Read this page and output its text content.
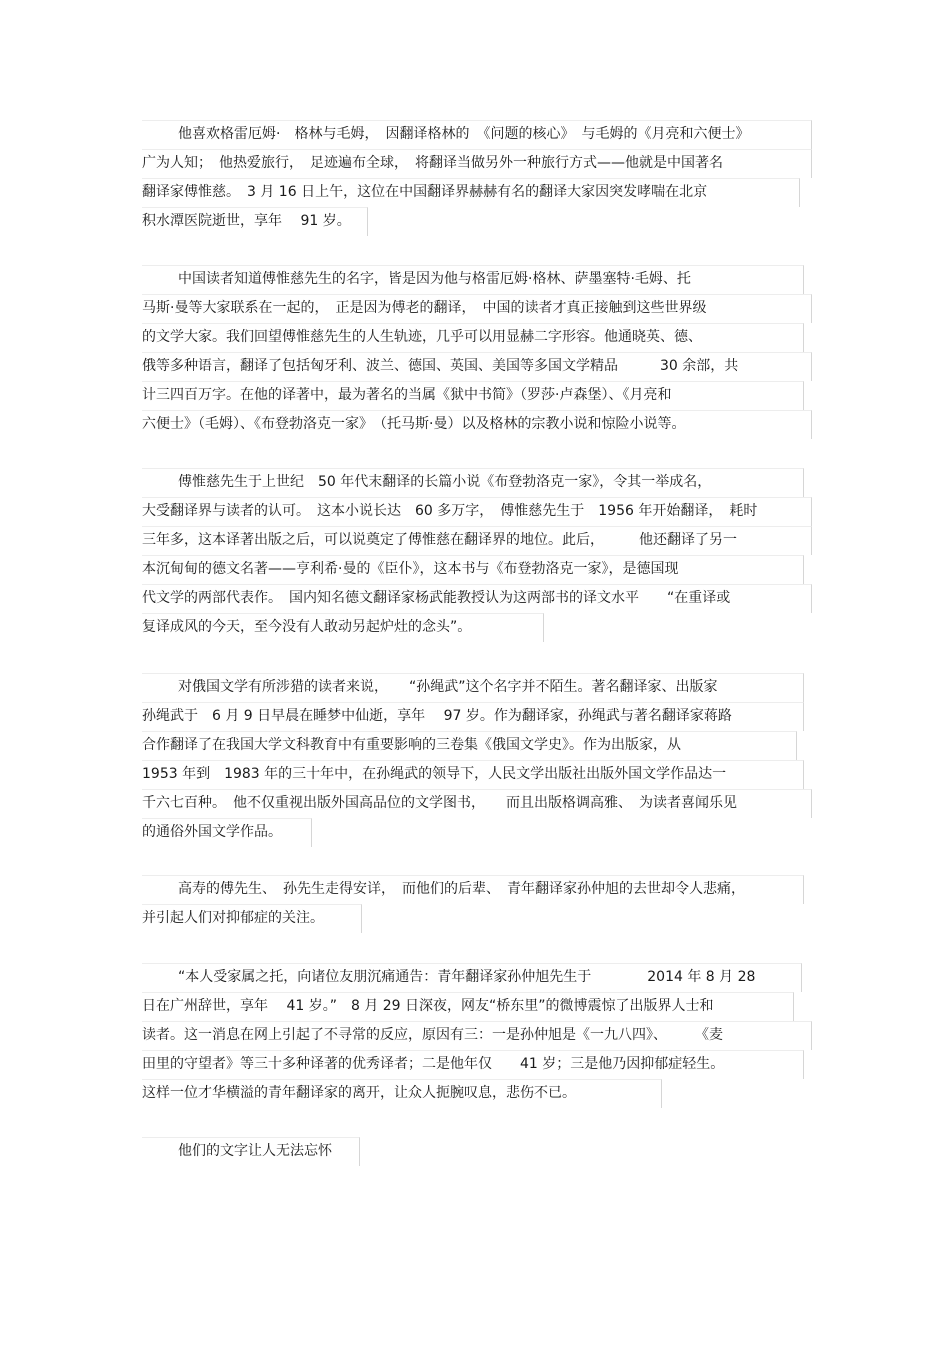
他喜欢格雷厄姆·　格林与毛姆，　因翻译格林的　《问题的核心》　与毛姆的《月亮和六便士》
广为人知；　他热爱旅行，　足迹遍布全球，　将翻译当做另外一种旅行方式——他就是中国著名
翻译家傅惟慈。　3 月 16 日上午，这位在中国翻译界赫赫有名的翻译大家因突发哮喘在北京
积水潭医院逝世，享年　 91 岁。
中国读者知道傅惟慈先生的名字，皆是因为他与格雷厄姆·格林、萨墨塞特·毛姆、托
马斯·曼等大家联系在一起的，　正是因为傅老的翻译，　中国的读者才真正接触到这些世界级
的文学大家。我们回望傅惟慈先生的人生轨迹，几乎可以用显赫二字形容。他通晓英、德、
俄等多种语言，翻译了包括匈牙利、波兰、德国、英国、美国等多国文学精品　　　30 余部，共
计三四百万字。在他的译著中，最为著名的当属《狱中书简》（罗莎·卢森堡）、《月亮和
六便士》（毛姆）、《布登勃洛克一家》　（托马斯·曼）以及格林的宗教小说和惊险小说等。
傅惟慈先生于上世纪　50 年代末翻译的长篇小说《布登勃洛克一家》，令其一举成名，
大受翻译界与读者的认可。　这本小说长达　60 多万字，　傅惟慈先生于　1956 年开始翻译，　耗时
三年多，这本译著出版之后，可以说奠定了傅惟慈在翻译界的地位。此后，　　　他还翻译了另一
本沉甸甸的德文名著——亨利希·曼的《臣仆》，这本书与《布登勃洛克一家》，是德国现
代文学的两部代表作。　国内知名德文翻译家杨武能教授认为这两部书的译文水平　　“在重译或
复译成风的今天，至今没有人敢动另起炉灶的念头”。
对俄国文学有所涉猎的读者来说，　　“孙绳武”这个名字并不陌生。著名翻译家、出版家
孙绳武于　6 月 9 日早晨在睡梦中仙逝，享年　 97 岁。作为翻译家，孙绳武与著名翻译家蒋路
合作翻译了在我国大学文科教育中有重要影响的三卷集《俄国文学史》。作为出版家，从
1953 年到　1983 年的三十年中，在孙绳武的领导下，人民文学出版社出版外国文学作品达一
千六七百种。　他不仅重视出版外国高品位的文学图书，　　而且出版格调高雅、　为读者喜闻乐见
的通俗外国文学作品。
高寿的傅先生、　孙先生走得安详，　而他们的后辈、　青年翻译家孙仲旭的去世却令人悲痛，
并引起人们对抑郁症的关注。
“本人受家属之托，向诸位友朋沉痛通告：青年翻译家孙仲旭先生于　　　　2014 年 8 月 28
日在广州辞世，享年　 41 岁。”　8 月 29 日深夜，网友“桥东里”的微博震惊了出版界人士和
读者。这一消息在网上引起了不寻常的反应，原因有三：一是孙仲旭是《一九八四》、　　　《麦
田里的守望者》等三十多种译著的优秀译者；二是他年仅　　41 岁；三是他乃因抑郁症轻生。
这样一位才华横溢的青年翻译家的离开，让众人扼腕叹息，悲伤不已。
他们的文字让人无法忘怀
